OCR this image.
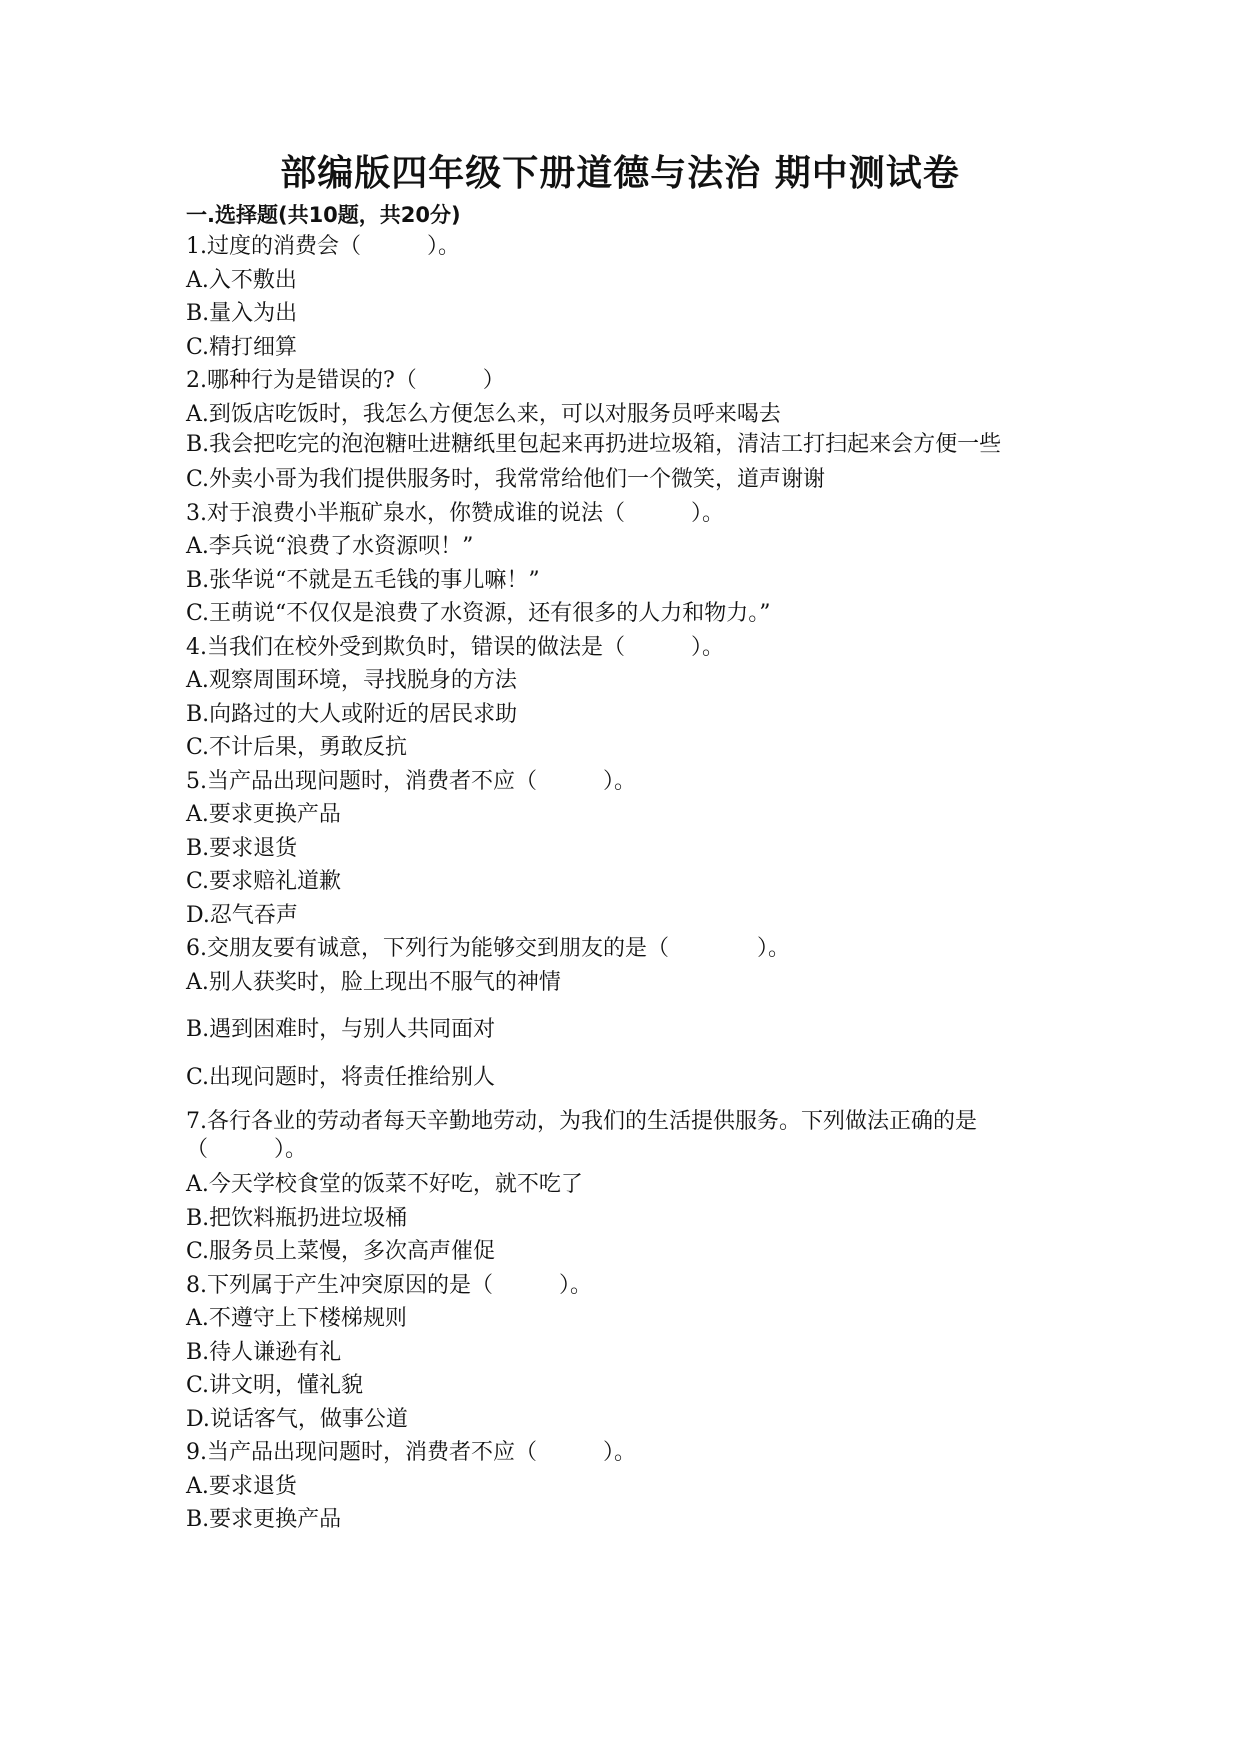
部编版四年级下册道德与法治 期中测试卷
一.选择题(共10题，共20分)

1.过度的消费会（　　　）。

A.入不敷出

B.量入为出

C.精打细算

2.哪种行为是错误的?（　　　）

A.到饭店吃饭时，我怎么方便怎么来，可以对服务员呼来喝去

B.我会把吃完的泡泡糖吐进糖纸里包起来再扔进垃圾箱，清洁工打扫起来会方便一些

C.外卖小哥为我们提供服务时，我常常给他们一个微笑，道声谢谢

3.对于浪费小半瓶矿泉水，你赞成谁的说法（　　　）。

A.李兵说“浪费了水资源呗！”

B.张华说“不就是五毛钱的事儿嘛！”

C.王萌说“不仅仅是浪费了水资源，还有很多的人力和物力。”

4.当我们在校外受到欺负时，错误的做法是（　　　）。

A.观察周围环境，寻找脱身的方法

B.向路过的大人或附近的居民求助

C.不计后果，勇敢反抗

5.当产品出现问题时，消费者不应（　　　）。

A.要求更换产品

B.要求退货

C.要求赔礼道歉

D.忍气吞声

6.交朋友要有诚意，下列行为能够交到朋友的是（　　　　）。

A.别人获奖时，脸上现出不服气的神情

B.遇到困难时，与别人共同面对

C.出现问题时，将责任推给别人

7.各行各业的劳动者每天辛勤地劳动，为我们的生活提供服务。下列做法正确的是（　　　）。

A.今天学校食堂的饭菜不好吃，就不吃了

B.把饮料瓶扔进垃圾桶

C.服务员上菜慢，多次高声催促

8.下列属于产生冲突原因的是（　　　）。

A.不遵守上下楼梯规则

B.待人谦逊有礼

C.讲文明，懂礼貌

D.说话客气，做事公道

9.当产品出现问题时，消费者不应（　　　）。

A.要求退货

B.要求更换产品
